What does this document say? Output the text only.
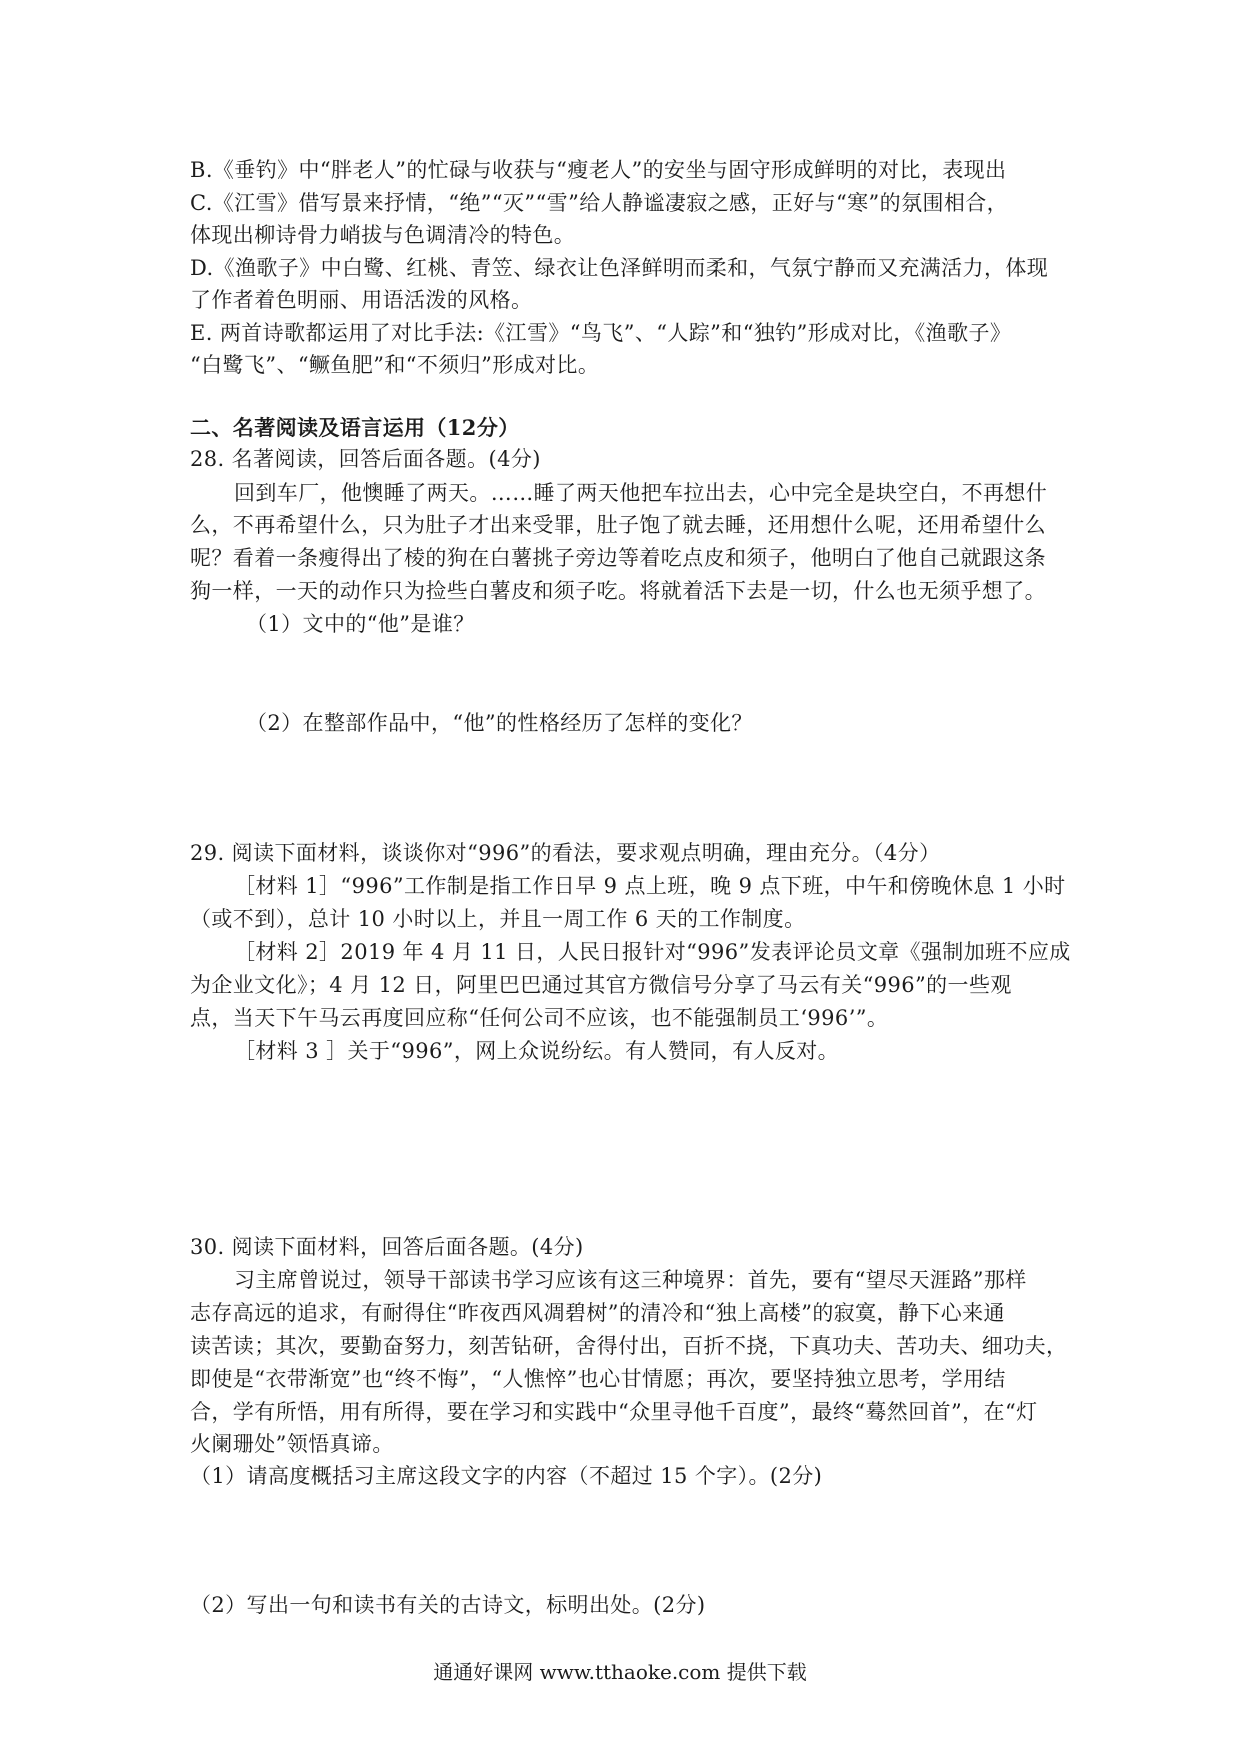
B.《垂钓》中“胖老人”的忙碌与收获与“瘦老人”的安坐与固守形成鲜明的对比，表现出
C.《江雪》借写景来抒情，“绝”“灭”“雪”给人静谧凄寂之感，正好与“寒”的氛围相合，
体现出柳诗骨力峭拔与色调清冷的特色。
D.《渔歌子》中白鹭、红桃、青笠、绿衣让色泽鲜明而柔和，气氛宁静而又充满活力，体现
了作者着色明丽、用语活泼的风格。
E. 两首诗歌都运用了对比手法:《江雪》“鸟飞”、“人踪”和“独钓”形成对比，《渔歌子》
“白鹭飞”、“鳜鱼肥”和“不须归”形成对比。
二、名著阅读及语言运用（12分）
28. 名著阅读，回答后面各题。(4分)
回到车厂，他懊睡了两天。……睡了两天他把车拉出去，心中完全是块空白，不再想什
么，不再希望什么，只为肚子才出来受罪，肚子饱了就去睡，还用想什么呢，还用希望什么
呢？看着一条瘦得出了棱的狗在白薯挑子旁边等着吃点皮和须子，他明白了他自己就跟这条
狗一样，一天的动作只为捡些白薯皮和须子吃。将就着活下去是一切，什么也无须乎想了。
（1）文中的“他”是谁？
（2）在整部作品中，“他”的性格经历了怎样的变化？
29. 阅读下面材料，谈谈你对“996”的看法，要求观点明确，理由充分。（4分）
［材料 1］“996”工作制是指工作日早 9 点上班，晚 9 点下班，中午和傍晚休息 1 小时
（或不到），总计 10 小时以上，并且一周工作 6 天的工作制度。
［材料 2］2019 年 4 月 11 日，人民日报针对“996”发表评论员文章《强制加班不应成
为企业文化》；4 月 12 日，阿里巴巴通过其官方微信号分享了马云有关“996”的一些观
点，当天下午马云再度回应称“任何公司不应该，也不能强制员工‘996’”。
［材料 3 ］关于“996”，网上众说纷纭。有人赞同，有人反对。
30. 阅读下面材料，回答后面各题。(4分)
习主席曾说过，领导干部读书学习应该有这三种境界：首先，要有“望尽天涯路”那样
志存高远的追求，有耐得住“昨夜西风凋碧树”的清冷和“独上高楼”的寂寞，静下心来通
读苦读；其次，要勤奋努力，刻苦钻研，舍得付出，百折不挠，下真功夫、苦功夫、细功夫，
即使是“衣带渐宽”也“终不悔”，“人憔悴”也心甘情愿；再次，要坚持独立思考，学用结
合，学有所悟，用有所得，要在学习和实践中“众里寻他千百度”，最终“蓦然回首”，在“灯
火阑珊处”领悟真谛。
（1）请高度概括习主席这段文字的内容（不超过 15 个字）。(2分)
（2）写出一句和读书有关的古诗文，标明出处。(2分)
通通好课网 www.tthaoke.com 提供下载
